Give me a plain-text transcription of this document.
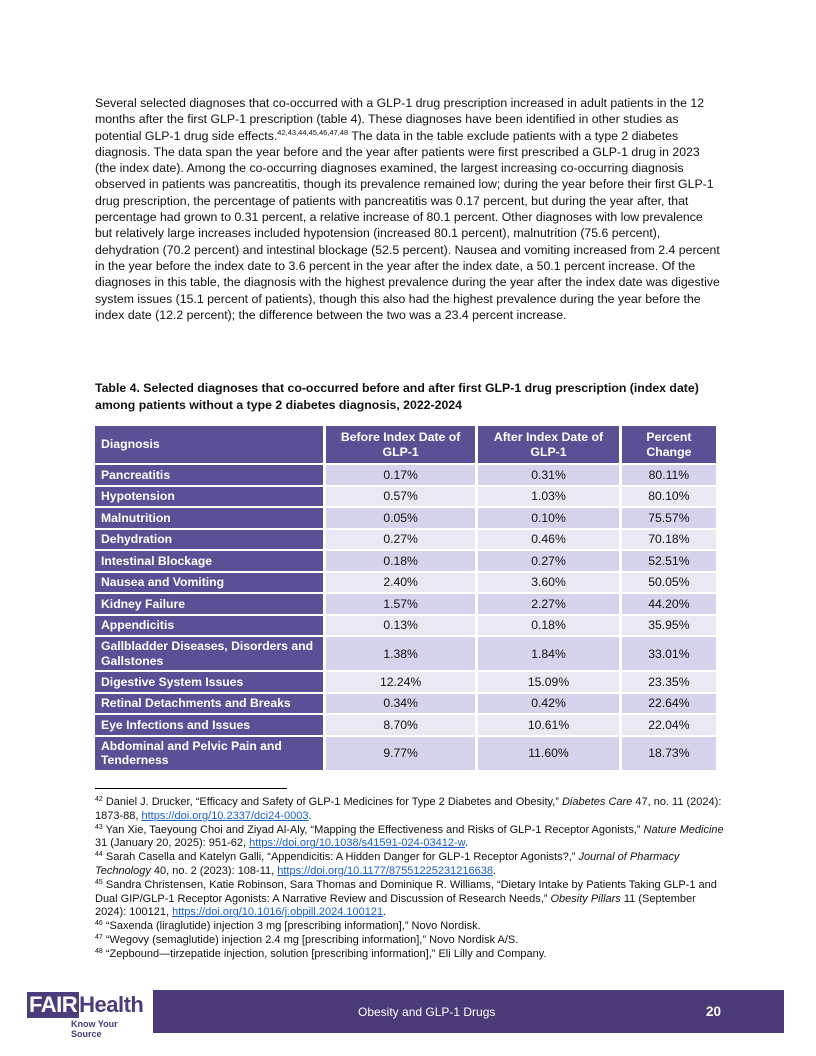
Several selected diagnoses that co-occurred with a GLP-1 drug prescription increased in adult patients in the 12 months after the first GLP-1 prescription (table 4). These diagnoses have been identified in other studies as potential GLP-1 drug side effects.$^{42,43,44,45,46,47,48}$ The data in the table exclude patients with a type 2 diabetes diagnosis. The data span the year before and the year after patients were first prescribed a GLP-1 drug in 2023 (the index date). Among the co-occurring diagnoses examined, the largest increasing co-occurring diagnosis observed in patients was pancreatitis, though its prevalence remained low; during the year before their first GLP-1 drug prescription, the percentage of patients with pancreatitis was 0.17 percent, but during the year after, that percentage had grown to 0.31 percent, a relative increase of 80.1 percent. Other diagnoses with low prevalence but relatively large increases included hypotension (increased 80.1 percent), malnutrition (75.6 percent), dehydration (70.2 percent) and intestinal blockage (52.5 percent). Nausea and vomiting increased from 2.4 percent in the year before the index date to 3.6 percent in the year after the index date, a 50.1 percent increase. Of the diagnoses in this table, the diagnosis with the highest prevalence during the year after the index date was digestive system issues (15.1 percent of patients), though this also had the highest prevalence during the year before the index date (12.2 percent); the difference between the two was a 23.4 percent increase.
Table 4. Selected diagnoses that co-occurred before and after first GLP-1 drug prescription (index date) among patients without a type 2 diabetes diagnosis, 2022-2024
Diagnosis	Before Index Date of GLP-1	After Index Date of GLP-1	Percent Change
Pancreatitis	0.17%	0.31%	80.11%
Hypotension	0.57%	1.03%	80.10%
Malnutrition	0.05%	0.10%	75.57%
Dehydration	0.27%	0.46%	70.18%
Intestinal Blockage	0.18%	0.27%	52.51%
Nausea and Vomiting	2.40%	3.60%	50.05%
Kidney Failure	1.57%	2.27%	44.20%
Appendicitis	0.13%	0.18%	35.95%
Gallbladder Diseases, Disorders and Gallstones	1.38%	1.84%	33.01%
Digestive System Issues	12.24%	15.09%	23.35%
Retinal Detachments and Breaks	0.34%	0.42%	22.64%
Eye Infections and Issues	8.70%	10.61%	22.04%
Abdominal and Pelvic Pain and Tenderness	9.77%	11.60%	18.73%

$^{42}$ Daniel J. Drucker, “Efficacy and Safety of GLP-1 Medicines for Type 2 Diabetes and Obesity,” Diabetes Care 47, no. 11 (2024): 1873-88, https://doi.org/10.2337/dci24-0003.

$^{43}$ Yan Xie, Taeyoung Choi and Ziyad Al-Aly, “Mapping the Effectiveness and Risks of GLP-1 Receptor Agonists,” Nature Medicine 31 (January 20, 2025): 951-62, https://doi.org/10.1038/s41591-024-03412-w.

$^{44}$ Sarah Casella and Katelyn Galli, “Appendicitis: A Hidden Danger for GLP-1 Receptor Agonists?,” Journal of Pharmacy Technology 40, no. 2 (2023): 108-11, https://doi.org/10.1177/87551225231216638.

$^{45}$ Sandra Christensen, Katie Robinson, Sara Thomas and Dominique R. Williams, “Dietary Intake by Patients Taking GLP-1 and Dual GIP/GLP-1 Receptor Agonists: A Narrative Review and Discussion of Research Needs,” Obesity Pillars 11 (September 2024): 100121, https://doi.org/10.1016/j.obpill.2024.100121.

$^{46}$ “Saxenda (liraglutide) injection 3 mg [prescribing information],” Novo Nordisk.

$^{47}$ “Wegovy (semaglutide) injection 2.4 mg [prescribing information],” Novo Nordisk A/S.

$^{48}$ “Zepbound—tirzepatide injection, solution [prescribing information],” Eli Lilly and Company.

FAIRHealth
Know Your Source
Obesity and GLP-1 Drugs	20
